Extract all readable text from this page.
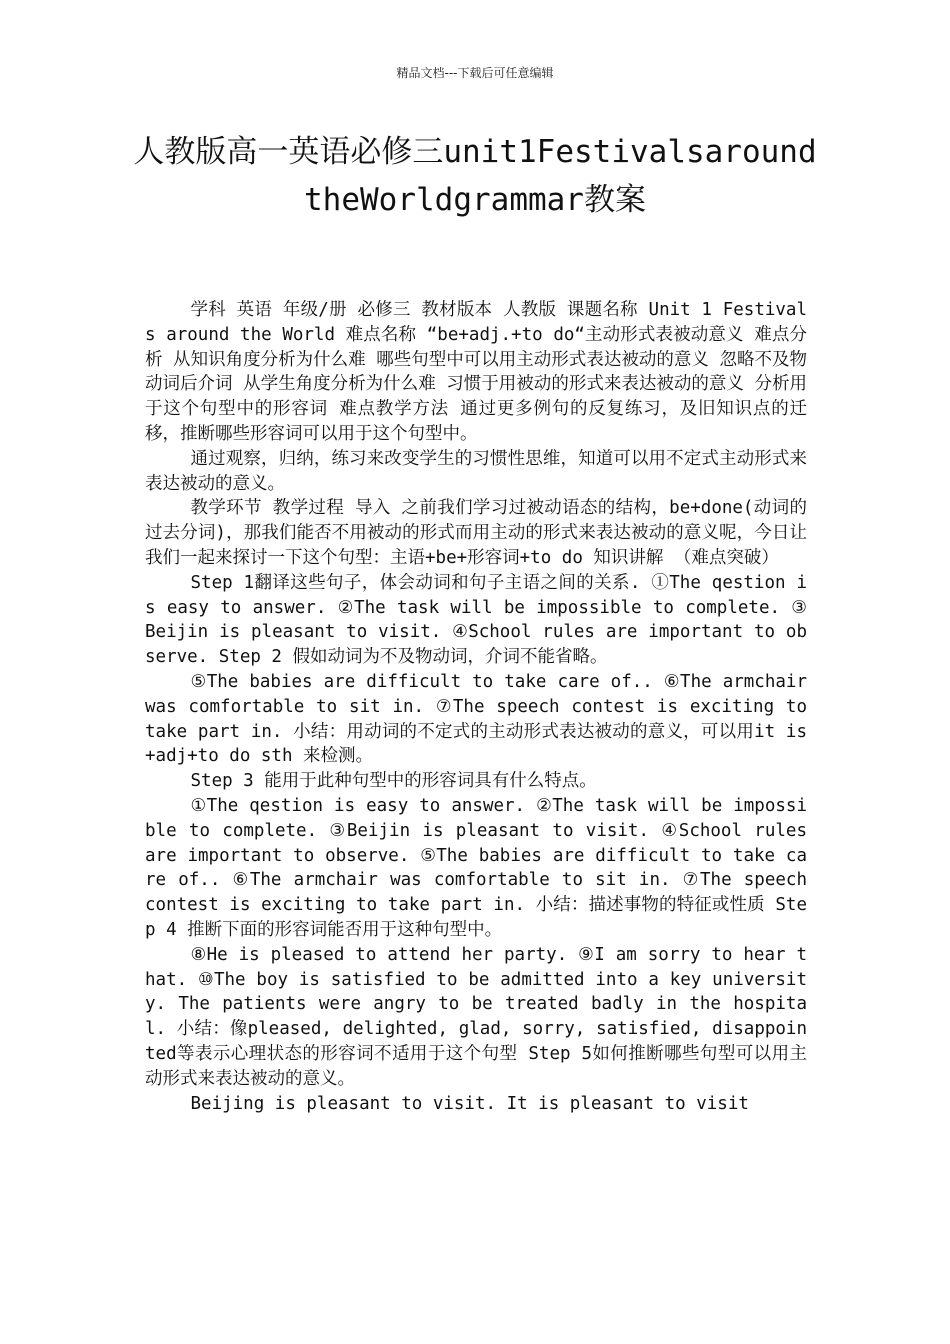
精品文档---下载后可任意编辑
人教版高一英语必修三unit1FestivalsaroundtheWorldgrammar教案

学科 英语 年级/册 必修三 教材版本 人教版 课题名称 Unit 1 Festivals around the World 难点名称 “be+adj.+to do“主动形式表被动意义 难点分析 从知识角度分析为什么难 哪些句型中可以用主动形式表达被动的意义 忽略不及物动词后介词 从学生角度分析为什么难 习惯于用被动的形式来表达被动的意义 分析用于这个句型中的形容词 难点教学方法 通过更多例句的反复练习，及旧知识点的迁移，推断哪些形容词可以用于这个句型中。

通过观察，归纳，练习来改变学生的习惯性思维，知道可以用不定式主动形式来表达被动的意义。

教学环节 教学过程 导入 之前我们学习过被动语态的结构，be+done(动词的过去分词)，那我们能否不用被动的形式而用主动的形式来表达被动的意义呢，今日让我们一起来探讨一下这个句型：主语+be+形容词+to do 知识讲解 （难点突破）

Step 1翻译这些句子，体会动词和句子主语之间的关系. ①The qestion is easy to answer. ②The task will be impossible to complete. ③Beijin is pleasant to visit. ④School rules are important to observe. Step 2 假如动词为不及物动词，介词不能省略。

⑤The babies are difficult to take care of.. ⑥The armchair was comfortable to sit in. ⑦The speech contest is exciting to take part in. 小结：用动词的不定式的主动形式表达被动的意义，可以用it is+adj+to do sth 来检测。

Step 3 能用于此种句型中的形容词具有什么特点。

①The qestion is easy to answer. ②The task will be impossible to complete. ③Beijin is pleasant to visit. ④School rules are important to observe. ⑤The babies are difficult to take care of.. ⑥The armchair was comfortable to sit in. ⑦The speech contest is exciting to take part in. 小结：描述事物的特征或性质 Step 4 推断下面的形容词能否用于这种句型中。

⑧He is pleased to attend her party. ⑨I am sorry to hear that. ⑩The boy is satisfied to be admitted into a key university. The patients were angry to be treated badly in the hospital. 小结：像pleased, delighted, glad, sorry, satisfied, disappointed等表示心理状态的形容词不适用于这个句型 Step 5如何推断哪些句型可以用主动形式来表达被动的意义。

Beijing is pleasant to visit. It is pleasant to visit
